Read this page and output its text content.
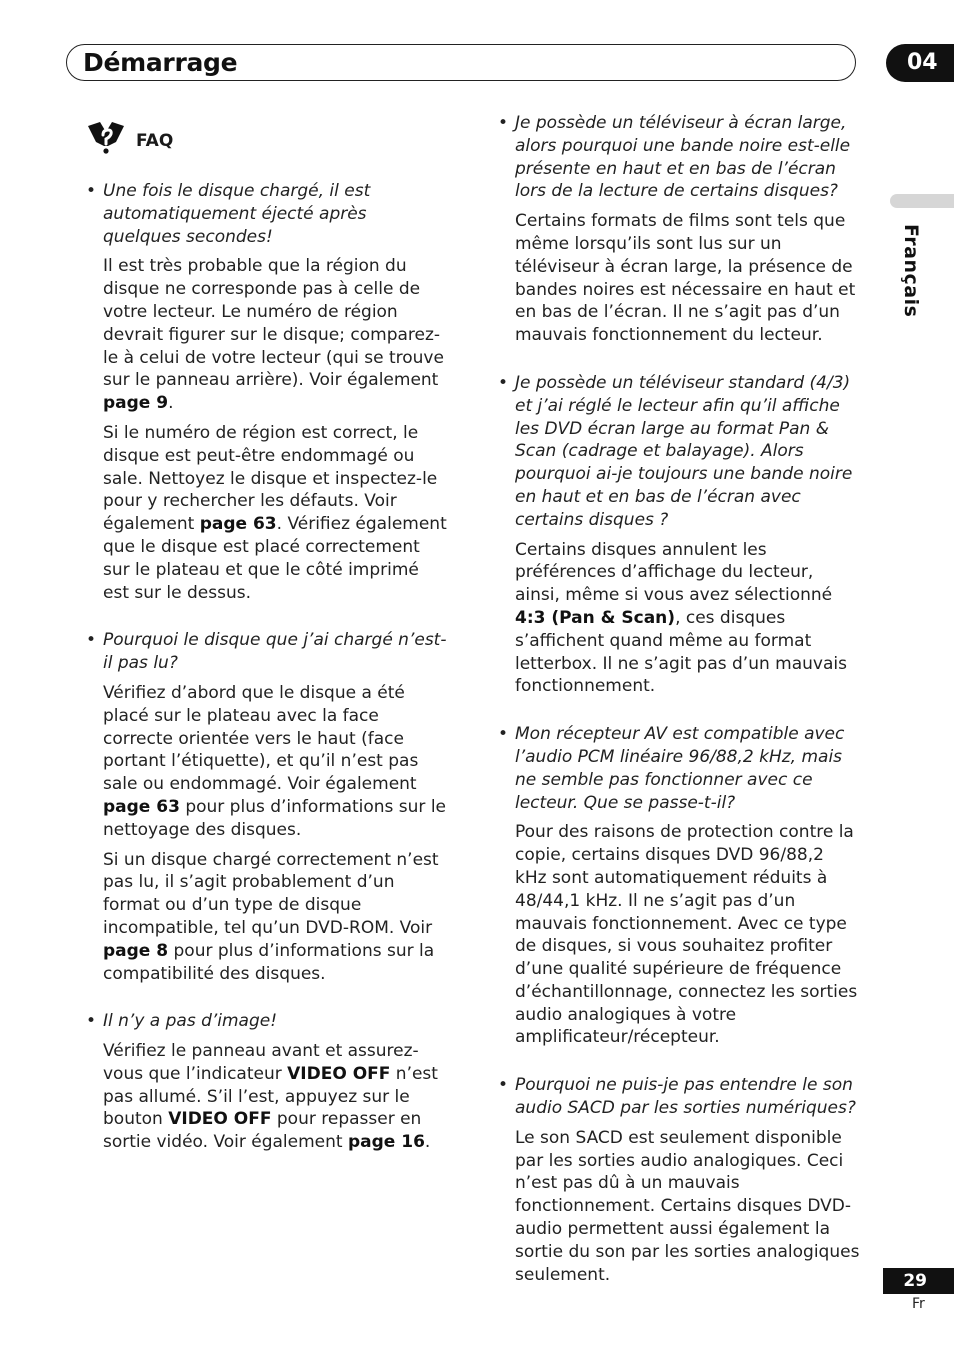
Démarrage	04
Français
FAQ

• Une fois le disque chargé, il est automatiquement éjecté après quelques secondes!

Il est très probable que la région du disque ne corresponde pas à celle de votre lecteur. Le numéro de région devrait figurer sur le disque; comparez-le à celui de votre lecteur (qui se trouve sur le panneau arrière). Voir également page 9.

Si le numéro de région est correct, le disque est peut-être endommagé ou sale. Nettoyez le disque et inspectez-le pour y rechercher les défauts. Voir également page 63. Vérifiez également que le disque est placé correctement sur le plateau et que le côté imprimé est sur le dessus.

• Pourquoi le disque que j’ai chargé n’est-il pas lu?

Vérifiez d’abord que le disque a été placé sur le plateau avec la face correcte orientée vers le haut (face portant l’étiquette), et qu’il n’est pas sale ou endommagé. Voir également page 63 pour plus d’informations sur le nettoyage des disques.

Si un disque chargé correctement n’est pas lu, il s’agit probablement d’un format ou d’un type de disque incompatible, tel qu’un DVD-ROM. Voir page 8 pour plus d’informations sur la compatibilité des disques.

• Il n’y a pas d’image!

Vérifiez le panneau avant et assurez-vous que l’indicateur VIDEO OFF n’est pas allumé. S’il l’est, appuyez sur le bouton VIDEO OFF pour repasser en sortie vidéo. Voir également page 16.

• Je possède un téléviseur à écran large, alors pourquoi une bande noire est-elle présente en haut et en bas de l’écran lors de la lecture de certains disques?

Certains formats de films sont tels que même lorsqu’ils sont lus sur un téléviseur à écran large, la présence de bandes noires est nécessaire en haut et en bas de l’écran. Il ne s’agit pas d’un mauvais fonctionnement du lecteur.

• Je possède un téléviseur standard (4/3) et j’ai réglé le lecteur afin qu’il affiche les DVD écran large au format Pan & Scan (cadrage et balayage). Alors pourquoi ai-je toujours une bande noire en haut et en bas de l’écran avec certains disques ?

Certains disques annulent les préférences d’affichage du lecteur, ainsi, même si vous avez sélectionné 4:3 (Pan & Scan), ces disques s’affichent quand même au format letterbox. Il ne s’agit pas d’un mauvais fonctionnement.

• Mon récepteur AV est compatible avec l’audio PCM linéaire 96/88,2 kHz, mais ne semble pas fonctionner avec ce lecteur. Que se passe-t-il?

Pour des raisons de protection contre la copie, certains disques DVD 96/88,2 kHz sont automatiquement réduits à 48/44,1 kHz. Il ne s’agit pas d’un mauvais fonctionnement. Avec ce type de disques, si vous souhaitez profiter d’une qualité supérieure de fréquence d’échantillonnage, connectez les sorties audio analogiques à votre amplificateur/récepteur.

• Pourquoi ne puis-je pas entendre le son audio SACD par les sorties numériques?

Le son SACD est seulement disponible par les sorties audio analogiques. Ceci n’est pas dû à un mauvais fonctionnement. Certains disques DVD-audio permettent aussi également la sortie du son par les sorties analogiques seulement.	29
Fr
